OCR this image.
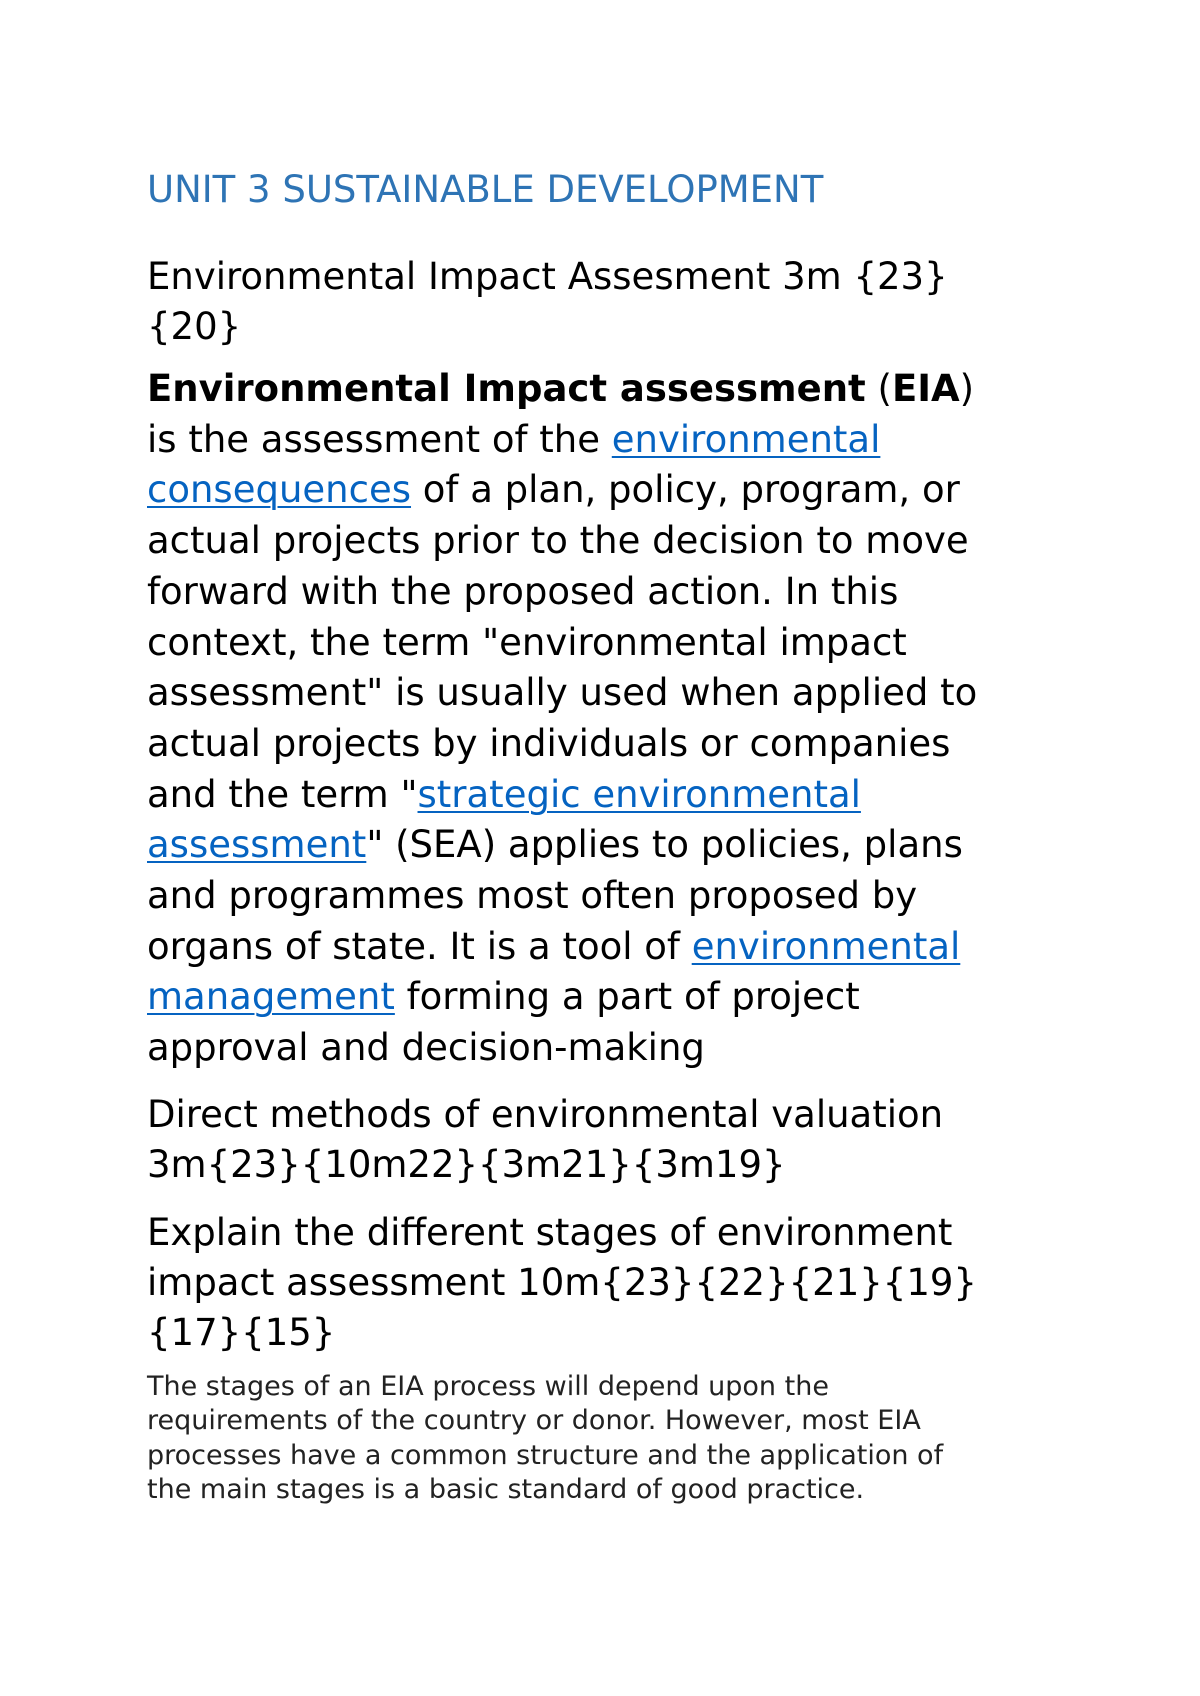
UNIT 3 SUSTAINABLE DEVELOPMENT

Environmental Impact Assesment 3m {23}
{20}

Environmental Impact assessment (EIA)
is the assessment of the environmental
consequences of a plan, policy, program, or
actual projects prior to the decision to move
forward with the proposed action. In this
context, the term "environmental impact
assessment" is usually used when applied to
actual projects by individuals or companies
and the term "strategic environmental
assessment" (SEA) applies to policies, plans
and programmes most often proposed by
organs of state. It is a tool of environmental
management forming a part of project
approval and decision-making

Direct methods of environmental valuation
3m{23}{10m22}{3m21}{3m19}

Explain the different stages of environment
impact assessment 10m{23}{22}{21}{19}
{17}{15}

The stages of an EIA process will depend upon the
requirements of the country or donor. However, most EIA
processes have a common structure and the application of
the main stages is a basic standard of good practice.
